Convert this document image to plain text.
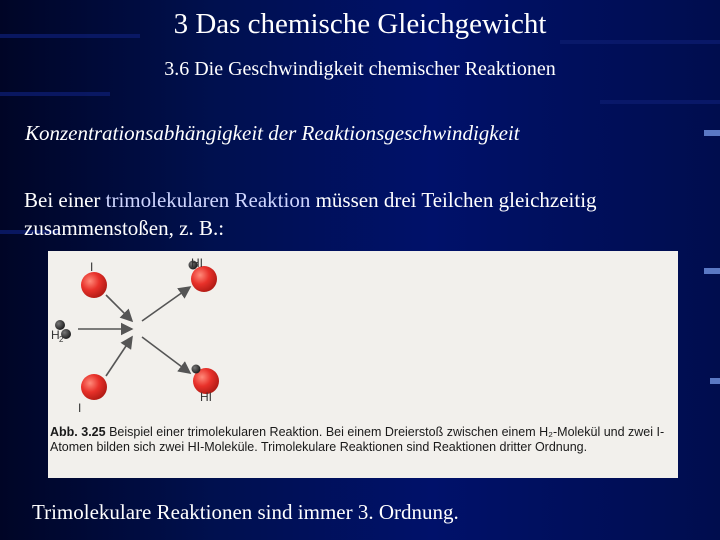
3 Das chemische Gleichgewicht
3.6 Die Geschwindigkeit chemischer Reaktionen
Konzentrationsabhängigkeit der Reaktionsgeschwindigkeit
Bei einer trimolekularen Reaktion müssen drei Teilchen gleichzeitig zusammenstoßen, z. B.:
I
H 2
I
HI
HI
Abb. 3.25 Beispiel einer trimolekularen Reaktion. Bei einem Dreierstoß zwischen einem H₂-Molekül und zwei I-Atomen bilden sich zwei HI-Moleküle. Trimolekulare Reaktionen sind Reaktionen dritter Ordnung.
Trimolekulare Reaktionen sind immer 3. Ordnung.
